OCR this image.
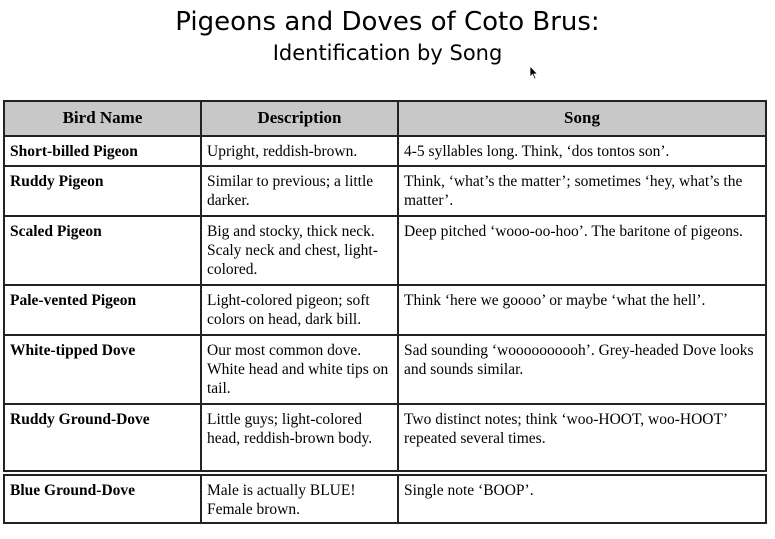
Pigeons and Doves of Coto Brus:
Identification by Song
Bird Name	Description	Song
Short-billed Pigeon	Upright, reddish-brown.	4-5 syllables long. Think, ‘dos tontos son’.
Ruddy Pigeon	Similar to previous; a little darker.	Think, ‘what’s the matter’; sometimes ‘hey, what’s the matter’.
Scaled Pigeon	Big and stocky, thick neck. Scaly neck and chest, light-colored.	Deep pitched ‘wooo-oo-hoo’. The baritone of pigeons.
Pale-vented Pigeon	Light-colored pigeon; soft colors on head, dark bill.	Think ‘here we goooo’ or maybe ‘what the hell’.
White-tipped Dove	Our most common dove. White head and white tips on tail.	Sad sounding ‘woooooooooh’. Grey-headed Dove looks and sounds similar.
Ruddy Ground-Dove	Little guys; light-colored head, reddish-brown body.	Two distinct notes; think ‘woo-HOOT, woo-HOOT’ repeated several times.
Blue Ground-Dove	Male is actually BLUE! Female brown.	Single note ‘BOOP’.
